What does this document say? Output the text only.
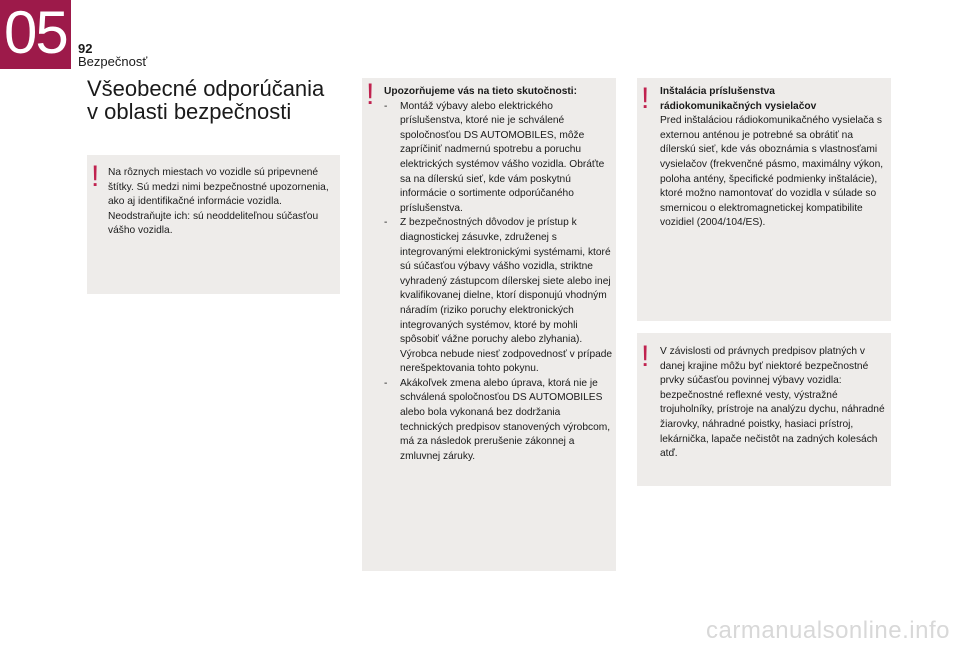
05 92
Bezpečnosť
Všeobecné odporúčania
v oblasti bezpečnosti
! Na rôznych miestach vo vozidle sú pripevnené štítky. Sú medzi nimi bezpečnostné upozornenia, ako aj identifikačné informácie vozidla. Neodstraňujte ich: sú neoddeliteľnou súčasťou vášho vozidla.
! Upozorňujeme vás na tieto skutočnosti:

- Montáž výbavy alebo elektrického príslušenstva, ktoré nie je schválené spoločnosťou DS AUTOMOBILES, môže zapríčiniť nadmernú spotrebu a poruchu elektrických systémov vášho vozidla. Obráťte sa na dílerskú sieť, kde vám poskytnú informácie o sortimente odporúčaného príslušenstva.
- Z bezpečnostných dôvodov je prístup k diagnostickej zásuvke, združenej s integrovanými elektronickými systémami, ktoré sú súčasťou výbavy vášho vozidla, striktne vyhradený zástupcom dílerskej siete alebo inej kvalifikovanej dielne, ktorí disponujú vhodným náradím (riziko poruchy elektronických integrovaných systémov, ktoré by mohli spôsobiť vážne poruchy alebo zlyhania). Výrobca nebude niesť zodpovednosť v prípade nerešpektovania tohto pokynu.
- Akákoľvek zmena alebo úprava, ktorá nie je schválená spoločnosťou DS AUTOMOBILES alebo bola vykonaná bez dodržania technických predpisov stanovených výrobcom, má za následok prerušenie zákonnej a zmluvnej záruky.
! Inštalácia príslušenstva

rádiokomunikačných vysielačov

Pred inštaláciou rádiokomunikačného vysielača s externou anténou je potrebné sa obrátiť na dílerskú sieť, kde vás oboznámia s vlastnosťami vysielačov (frekvenčné pásmo, maximálny výkon, poloha antény, špecifické podmienky inštalácie), ktoré možno namontovať do vozidla v súlade so smernicou o elektromagnetickej kompatibilite vozidiel (2004/104/ES).

! V závislosti od právnych predpisov platných v danej krajine môžu byť niektoré bezpečnostné prvky súčasťou povinnej výbavy vozidla: bezpečnostné reflexné vesty, výstražné trojuholníky, prístroje na analýzu dychu, náhradné žiarovky, náhradné poistky, hasiaci prístroj, lekárnička, lapače nečistôt na zadných kolesách atď.
carmanualsonline.info
